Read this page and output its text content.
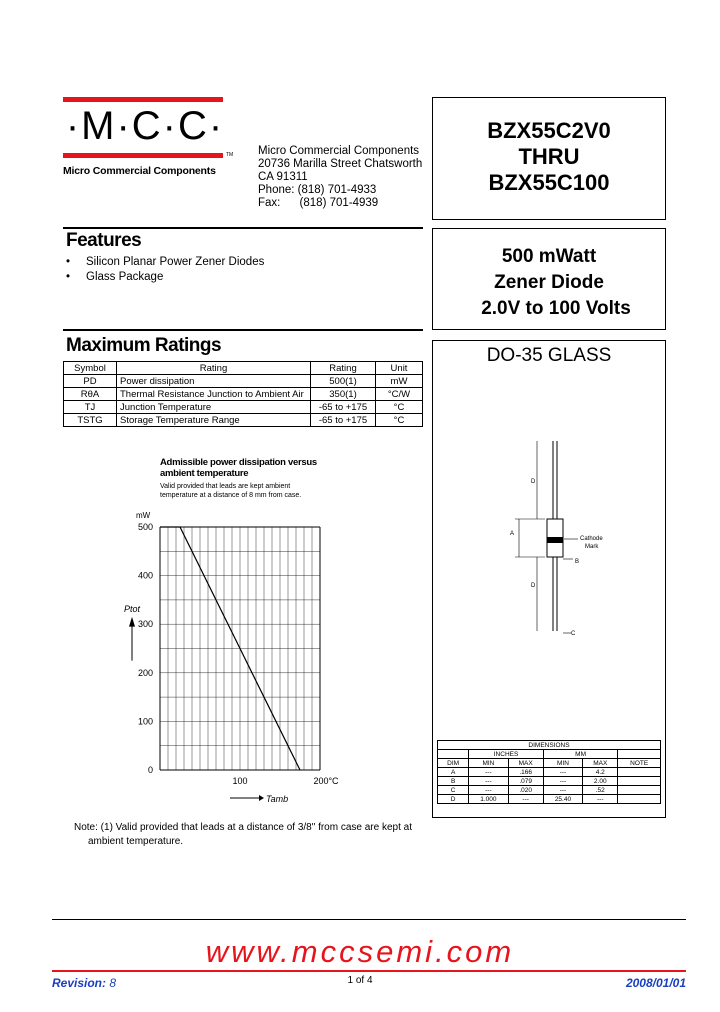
·M·C·C·
TM
Micro Commercial Components
Micro Commercial Components
20736 Marilla Street Chatsworth
CA 91311
Phone: (818) 701-4933
Fax: (818) 701-4939
BZX55C2V0
THRU
BZX55C100
500 mWatt
Zener Diode
2.0V to 100 Volts
Features
• Silicon Planar Power Zener Diodes
• Glass Package
Maximum Ratings
Symbol	Rating	Rating	Unit
PD	Power dissipation	500(1)	mW
RθA	Thermal Resistance Junction to Ambient Air	350(1)	°C/W
TJ	Junction Temperature	-65 to +175	°C
TSTG	Storage Temperature Range	-65 to +175	°C
Admissible power dissipation versus ambient temperature
Valid provided that leads are kept ambient
temperature at a distance of 8 mm from case.
0
100
200
300
400
500
100	200°C
mW
Ptot
Tamb
Note: (1) Valid provided that leads at a distance of 3/8" from case are kept at
ambient temperature.
DO-35 GLASS
D
D
A
B
C
Cathode
Mark
DIMENSIONS					
	INCHES		MM		
DIM	MIN	MAX	MIN	MAX	NOTE
A	---	.166	---	4.2	
B	---	.079	---	2.00	
C	---	.020	---	.52	
D	1.000	---	25.40	---	
www.mccsemi.com
Revision: 8	1 of 4	2008/01/01
